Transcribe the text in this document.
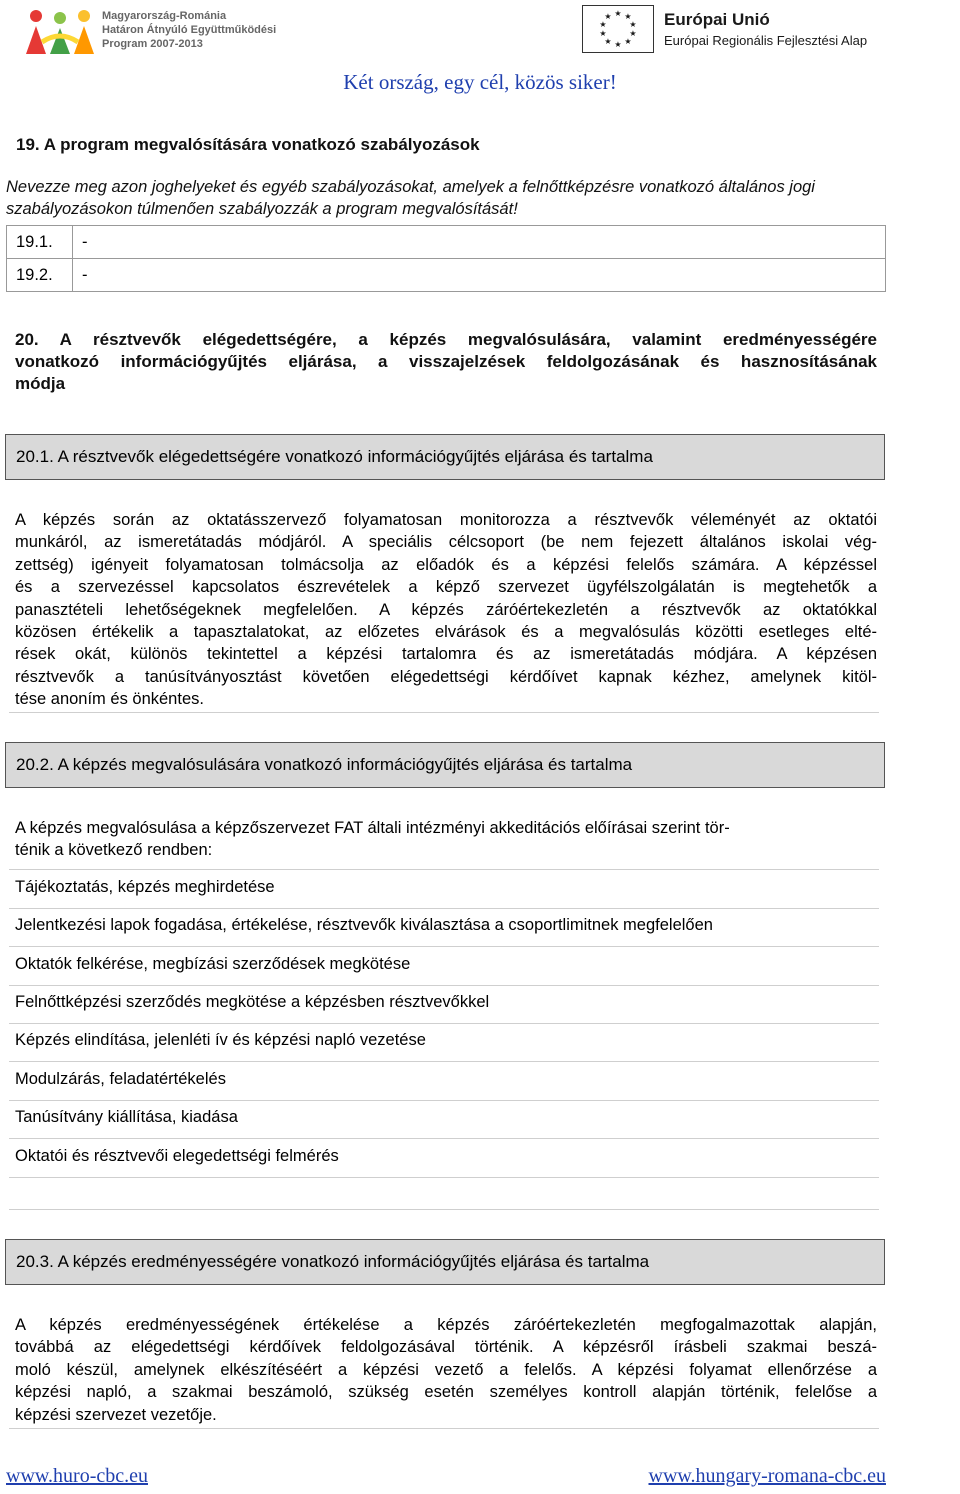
Magyarország-Románia
Határon Átnyúló Együttműködési
Program 2007-2013
★ ★
★
★
★
★
★
★
★
★	Európai Unió
Európai Regionális Fejlesztési Alap
Két ország, egy cél, közös siker!
19. A program megvalósítására vonatkozó szabályozások
Nevezze meg azon joghelyeket és egyéb szabályozásokat, amelyek a felnőttképzésre vonatkozó általános jogi
szabályozásokon túlmenően szabályozzák a program megvalósítását!
19.1.	-
19.2.	-
20. A résztvevők elégedettségére, a képzés megvalósulására, valamint eredményességére
vonatkozó információgyűjtés eljárása, a visszajelzések feldolgozásának és hasznosításának
módja
20.1. A résztvevők elégedettségére vonatkozó információgyűjtés eljárása és tartalma
A képzés során az oktatásszervező folyamatosan monitorozza a résztvevők véleményét az oktatói
munkáról, az ismeretátadás módjáról. A speciális célcsoport (be nem fejezett általános iskolai vég-
zettség) igényeit folyamatosan tolmácsolja az előadók és a képzési felelős számára. A képzéssel
és a szervezéssel kapcsolatos észrevételek a képző szervezet ügyfélszolgálatán is megtehetők a
panasztételi lehetőségeknek megfelelően. A képzés záróértekezletén a résztvevők az oktatókkal
közösen értékelik a tapasztalatokat, az előzetes elvárások és a megvalósulás közötti esetleges elté-
rések okát, különös tekintettel a képzési tartalomra és az ismeretátadás módjára. A képzésen
résztvevők a tanúsítványosztást követően elégedettségi kérdőívet kapnak kézhez, amelynek kitöl-
tése anoním és önkéntes.
20.2. A képzés megvalósulására vonatkozó információgyűjtés eljárása és tartalma
A képzés megvalósulása a képzőszervezet FAT általi intézményi akkeditációs előírásai szerint tör-
ténik a következő rendben:
Tájékoztatás, képzés meghirdetése
Jelentkezési lapok fogadása, értékelése, résztvevők kiválasztása a csoportlimitnek megfelelően
Oktatók felkérése, megbízási szerződések megkötése
Felnőttképzési szerződés megkötése a képzésben résztvevőkkel
Képzés elindítása, jelenléti ív és képzési napló vezetése
Modulzárás, feladatértékelés
Tanúsítvány kiállítása, kiadása
Oktatói és résztvevői elegedettségi felmérés
20.3. A képzés eredményességére vonatkozó információgyűjtés eljárása és tartalma
A képzés eredményességének értékelése a képzés záróértekezletén megfogalmazottak alapján,
továbbá az elégedettségi kérdőívek feldolgozásával történik. A képzésről írásbeli szakmai beszá-
moló készül, amelynek elkészítéséért a képzési vezető a felelős. A képzési folyamat ellenőrzése a
képzési napló, a szakmai beszámoló, szükség esetén személyes kontroll alapján történik, felelőse a
képzési szervezet vezetője.
www.huro-cbc.eu	www.hungary-romana-cbc.eu
